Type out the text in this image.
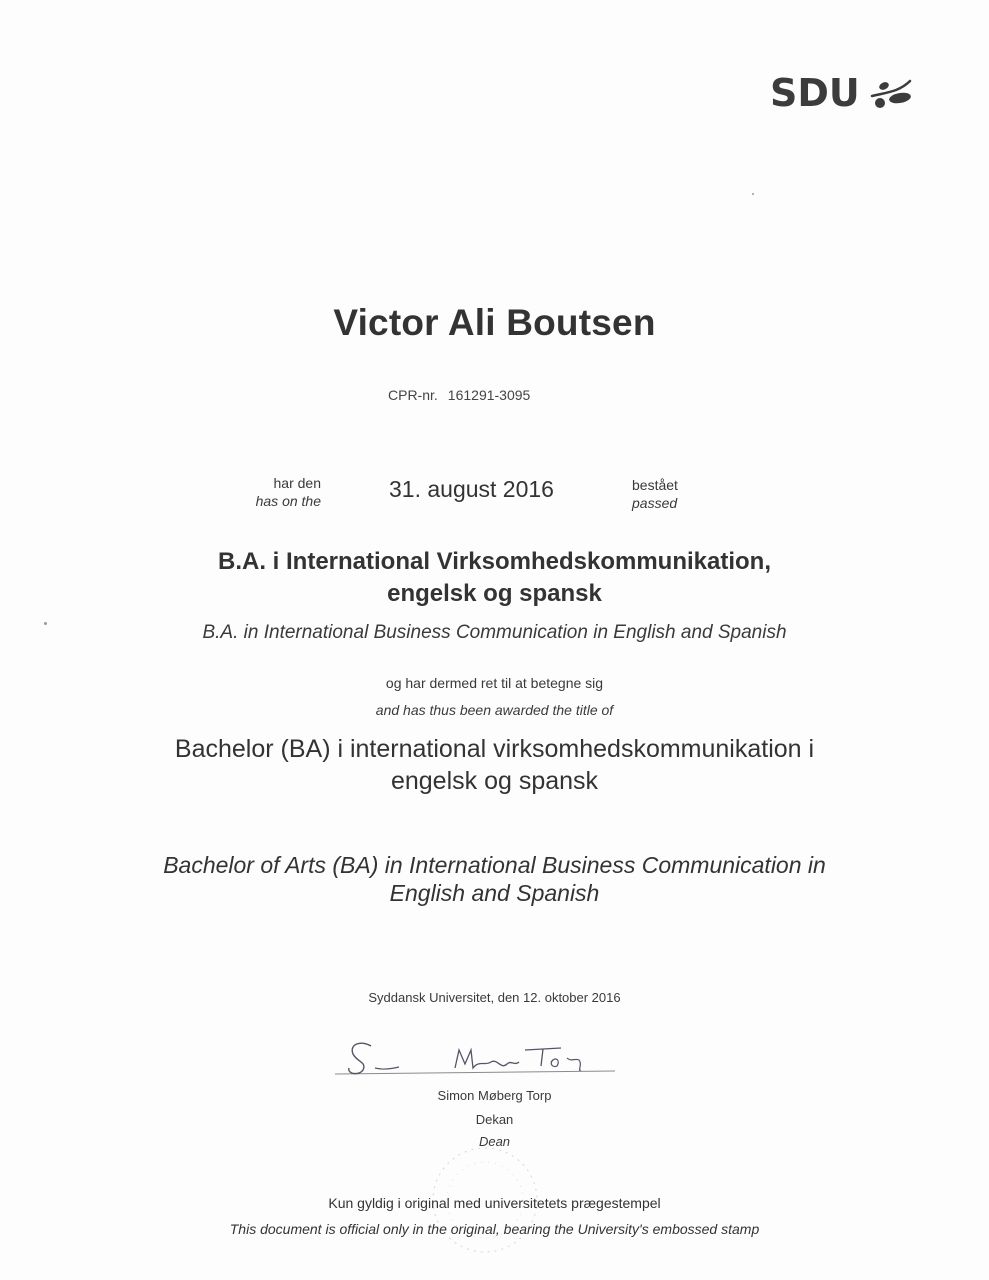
SDU
Victor Ali Boutsen
CPR-nr. 161291-3095
har den
has on the	31. august 2016	bestået
passed
B.A. i International Virksomhedskommunikation,
engelsk og spansk
B.A. in International Business Communication in English and Spanish
og har dermed ret til at betegne sig
and has thus been awarded the title of
Bachelor (BA) i international virksomhedskommunikation i
engelsk og spansk
Bachelor of Arts (BA) in International Business Communication in
English and Spanish
Syddansk Universitet, den 12. oktober 2016
Simon Møberg Torp
Dekan
Dean
Kun gyldig i original med universitetets prægestempel
This document is official only in the original, bearing the University's embossed stamp
